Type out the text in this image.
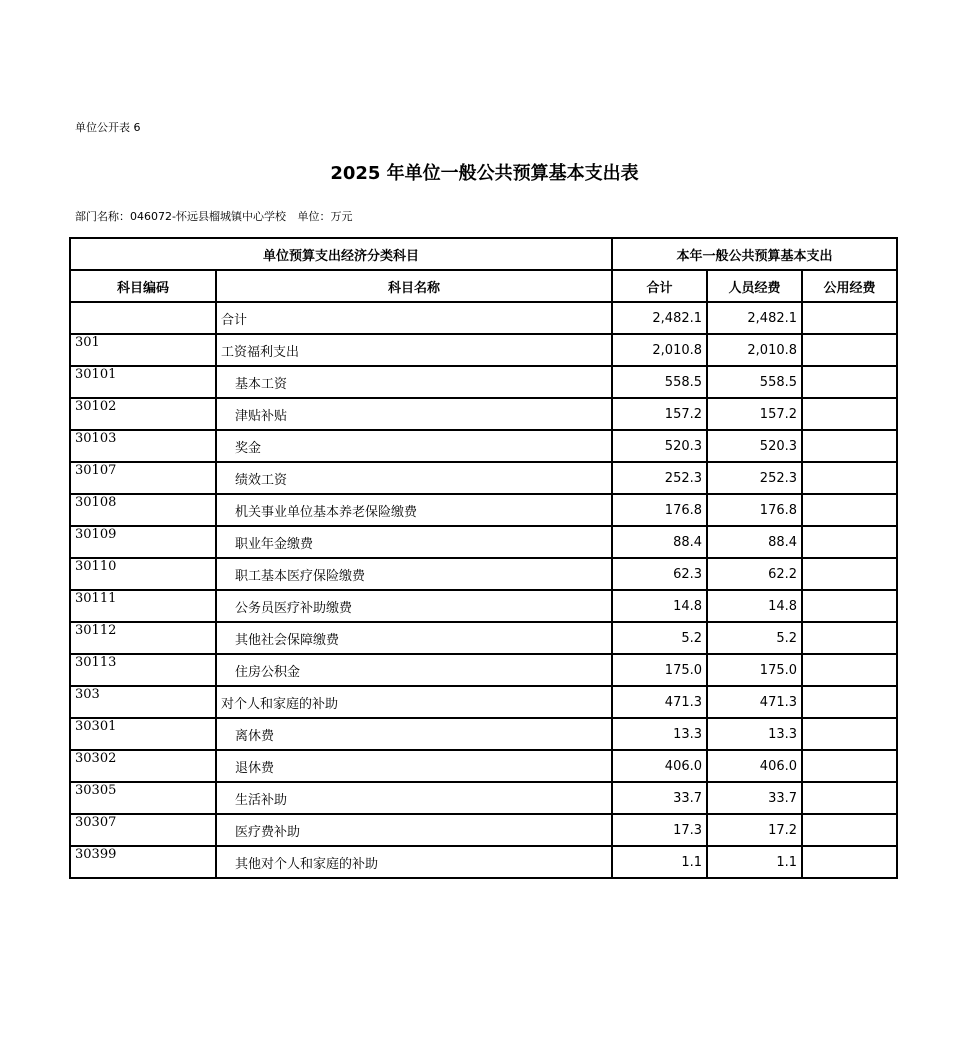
单位公开表 6
2025 年单位一般公共预算基本支出表
部门名称：046072-怀远县榴城镇中心学校 单位：万元
单位预算支出经济分类科目		本年一般公共预算基本支出		
科目编码	科目名称	合计	人员经费	公用经费
	合计	2,482.1	2,482.1	
301	工资福利支出	2,010.8	2,010.8	
30101	基本工资	558.5	558.5	
30102	津贴补贴	157.2	157.2	
30103	奖金	520.3	520.3	
30107	绩效工资	252.3	252.3	
30108	机关事业单位基本养老保险缴费	176.8	176.8	
30109	职业年金缴费	88.4	88.4	
30110	职工基本医疗保险缴费	62.3	62.2	
30111	公务员医疗补助缴费	14.8	14.8	
30112	其他社会保障缴费	5.2	5.2	
30113	住房公积金	175.0	175.0	
303	对个人和家庭的补助	471.3	471.3	
30301	离休费	13.3	13.3	
30302	退休费	406.0	406.0	
30305	生活补助	33.7	33.7	
30307	医疗费补助	17.3	17.2	
30399	其他对个人和家庭的补助	1.1	1.1	
